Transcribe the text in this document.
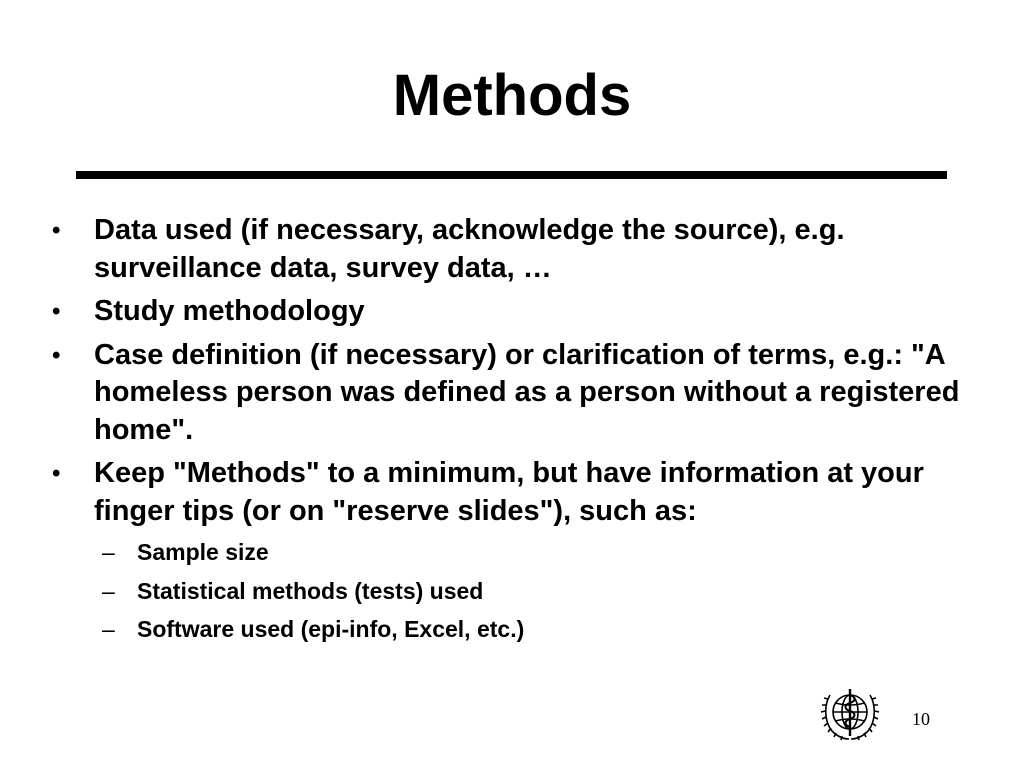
Methods
•	Data used (if necessary, acknowledge the source), e.g. surveillance data, survey data, …
•	Study methodology
•	Case definition (if necessary) or clarification of terms, e.g.: "A homeless person was defined as a person without a registered home".
•	Keep "Methods" to a minimum, but have information at your finger tips (or on "reserve slides"), such as:
– Sample size
– Statistical methods (tests) used
– Software used (epi-info, Excel, etc.)
10
